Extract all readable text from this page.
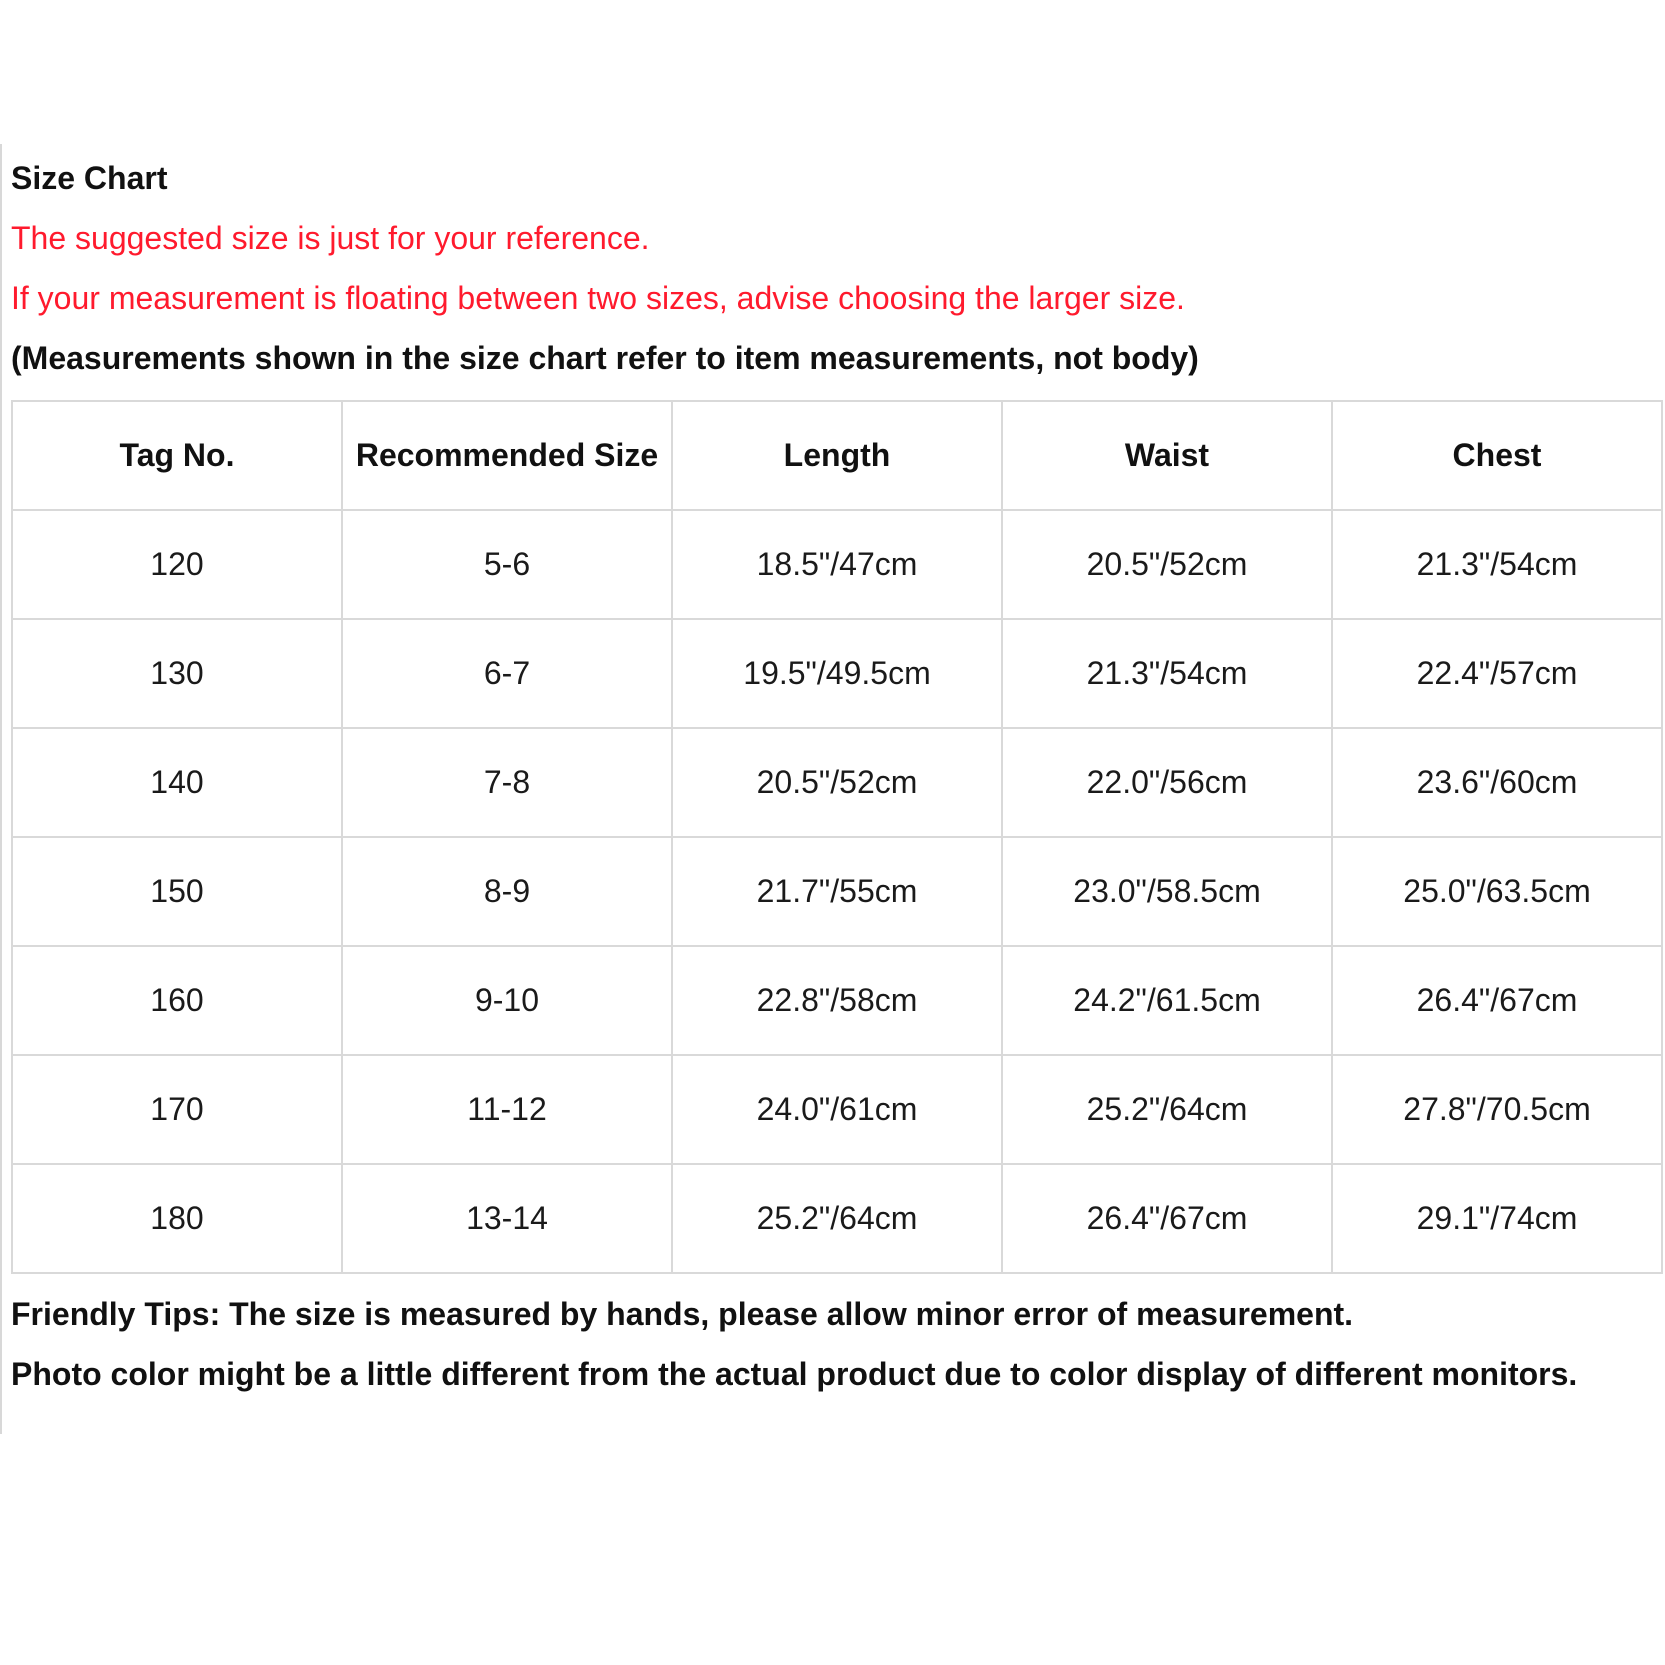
Size Chart

The suggested size is just for your reference.

If your measurement is floating between two sizes, advise choosing the larger size.

(Measurements shown in the size chart refer to item measurements, not body)

Tag No.	Recommended Size	Length	Waist	Chest
120	5-6	18.5"/47cm	20.5"/52cm	21.3"/54cm
130	6-7	19.5"/49.5cm	21.3"/54cm	22.4"/57cm
140	7-8	20.5"/52cm	22.0"/56cm	23.6"/60cm
150	8-9	21.7"/55cm	23.0"/58.5cm	25.0"/63.5cm
160	9-10	22.8"/58cm	24.2"/61.5cm	26.4"/67cm
170	11-12	24.0"/61cm	25.2"/64cm	27.8"/70.5cm
180	13-14	25.2"/64cm	26.4"/67cm	29.1"/74cm

Friendly Tips: The size is measured by hands, please allow minor error of measurement.

Photo color might be a little different from the actual product due to color display of different monitors.
